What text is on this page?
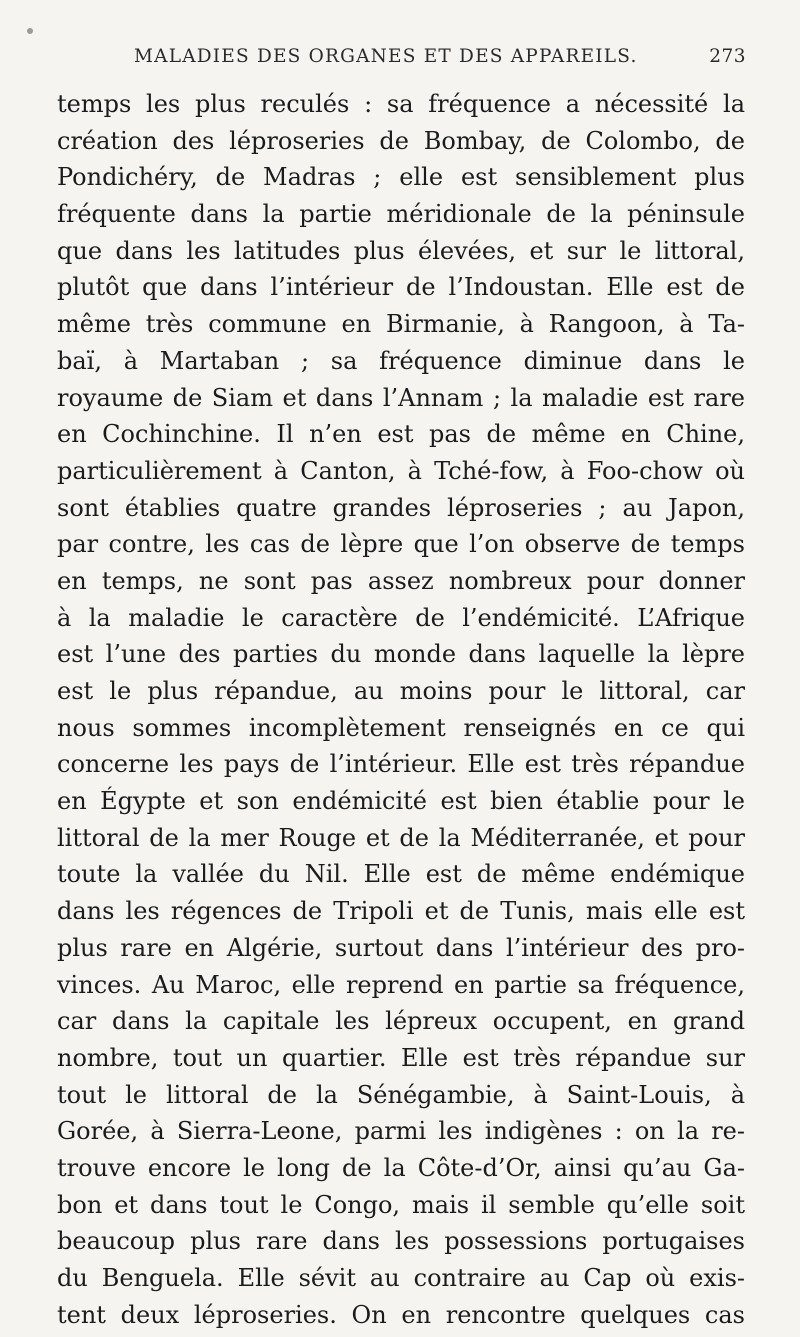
MALADIES DES ORGANES ET DES APPAREILS.	273
temps les plus reculés : sa fréquence a nécessité la
création des léproseries de Bombay, de Colombo, de
Pondichéry, de Madras ; elle est sensiblement plus
fréquente dans la partie méridionale de la péninsule
que dans les latitudes plus élevées, et sur le littoral,
plutôt que dans l’intérieur de l’Indoustan. Elle est de
même très commune en Birmanie, à Rangoon, à Ta-
baï, à Martaban ; sa fréquence diminue dans le
royaume de Siam et dans l’Annam ; la maladie est rare
en Cochinchine. Il n’en est pas de même en Chine,
particulièrement à Canton, à Tché-fow, à Foo-chow où
sont établies quatre grandes léproseries ; au Japon,
par contre, les cas de lèpre que l’on observe de temps
en temps, ne sont pas assez nombreux pour donner
à la maladie le caractère de l’endémicité. L’Afrique
est l’une des parties du monde dans laquelle la lèpre
est le plus répandue, au moins pour le littoral, car
nous sommes incomplètement renseignés en ce qui
concerne les pays de l’intérieur. Elle est très répandue
en Égypte et son endémicité est bien établie pour le
littoral de la mer Rouge et de la Méditerranée, et pour
toute la vallée du Nil. Elle est de même endémique
dans les régences de Tripoli et de Tunis, mais elle est
plus rare en Algérie, surtout dans l’intérieur des pro-
vinces. Au Maroc, elle reprend en partie sa fréquence,
car dans la capitale les lépreux occupent, en grand
nombre, tout un quartier. Elle est très répandue sur
tout le littoral de la Sénégambie, à Saint-Louis, à
Gorée, à Sierra-Leone, parmi les indigènes : on la re-
trouve encore le long de la Côte-d’Or, ainsi qu’au Ga-
bon et dans tout le Congo, mais il semble qu’elle soit
beaucoup plus rare dans les possessions portugaises
du Benguela. Elle sévit au contraire au Cap où exis-
tent deux léproseries. On en rencontre quelques cas
